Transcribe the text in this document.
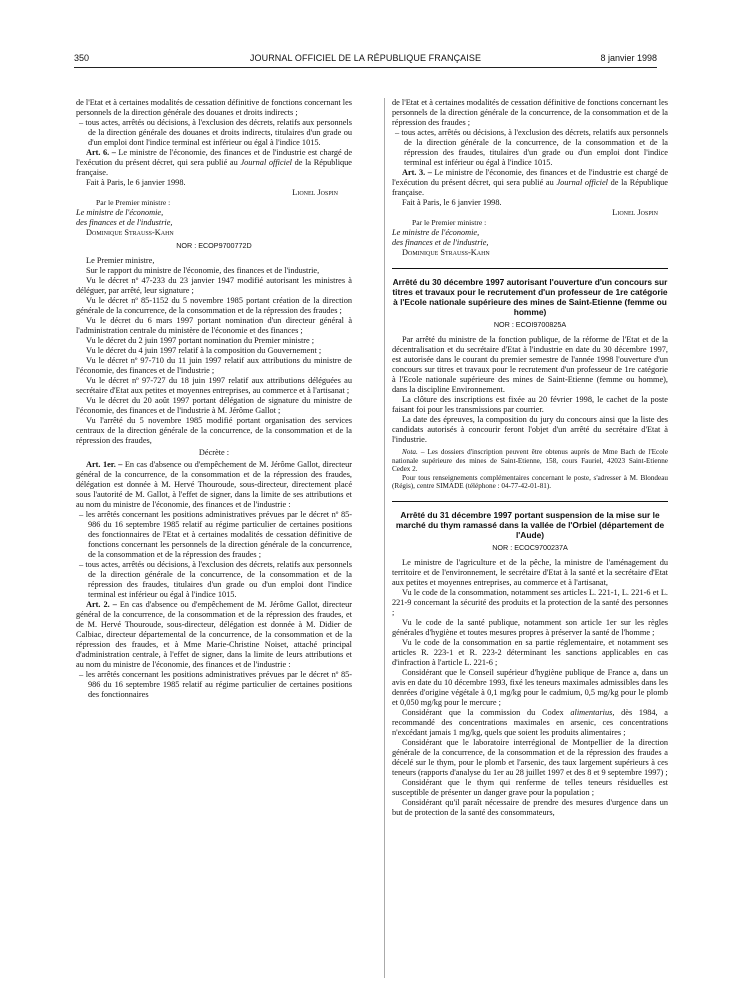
350	JOURNAL OFFICIEL DE LA RÉPUBLIQUE FRANÇAISE	8 janvier 1998

de l'Etat et à certaines modalités de cessation définitive de fonctions concernant les personnels de la direction générale des douanes et droits indirects ;

– tous actes, arrêtés ou décisions, à l'exclusion des décrets, relatifs aux personnels de la direction générale des douanes et droits indirects, titulaires d'un grade ou d'un emploi dont l'indice terminal est inférieur ou égal à l'indice 1015.

Art. 6. – Le ministre de l'économie, des finances et de l'industrie est chargé de l'exécution du présent décret, qui sera publié au Journal officiel de la République française.

Fait à Paris, le 6 janvier 1998.

Lionel Jospin

Par le Premier ministre :

Le ministre de l'économie,

des finances et de l'industrie,

Dominique Strauss-Kahn

NOR : ECOP9700772D

Le Premier ministre,

Sur le rapport du ministre de l'économie, des finances et de l'industrie,

Vu le décret nº 47-233 du 23 janvier 1947 modifié autorisant les ministres à déléguer, par arrêté, leur signature ;

Vu le décret nº 85-1152 du 5 novembre 1985 portant création de la direction générale de la concurrence, de la consommation et de la répression des fraudes ;

Vu le décret du 6 mars 1997 portant nomination d'un directeur général à l'administration centrale du ministère de l'économie et des finances ;

Vu le décret du 2 juin 1997 portant nomination du Premier ministre ;

Vu le décret du 4 juin 1997 relatif à la composition du Gouvernement ;

Vu le décret nº 97-710 du 11 juin 1997 relatif aux attributions du ministre de l'économie, des finances et de l'industrie ;

Vu le décret nº 97-727 du 18 juin 1997 relatif aux attributions déléguées au secrétaire d'Etat aux petites et moyennes entreprises, au commerce et à l'artisanat ;

Vu le décret du 20 août 1997 portant délégation de signature du ministre de l'économie, des finances et de l'industrie à M. Jérôme Gallot ;

Vu l'arrêté du 5 novembre 1985 modifié portant organisation des services centraux de la direction générale de la concurrence, de la consommation et de la répression des fraudes,

Décrète :

Art. 1er. – En cas d'absence ou d'empêchement de M. Jérôme Gallot, directeur général de la concurrence, de la consommation et de la répression des fraudes, délégation est donnée à M. Hervé Thouroude, sous-directeur, directement placé sous l'autorité de M. Gallot, à l'effet de signer, dans la limite de ses attributions et au nom du ministre de l'économie, des finances et de l'industrie :

– les arrêtés concernant les positions administratives prévues par le décret nº 85-986 du 16 septembre 1985 relatif au régime particulier de certaines positions des fonctionnaires de l'Etat et à certaines modalités de cessation définitive de fonctions concernant les personnels de la direction générale de la concurrence, de la consommation et de la répression des fraudes ;

– tous actes, arrêtés ou décisions, à l'exclusion des décrets, relatifs aux personnels de la direction générale de la concurrence, de la consommation et de la répression des fraudes, titulaires d'un grade ou d'un emploi dont l'indice terminal est inférieur ou égal à l'indice 1015.

Art. 2. – En cas d'absence ou d'empêchement de M. Jérôme Gallot, directeur général de la concurrence, de la consommation et de la répression des fraudes, et de M. Hervé Thouroude, sous-directeur, délégation est donnée à M. Didier de Calbiac, directeur départemental de la concurrence, de la consommation et de la répression des fraudes, et à Mme Marie-Christine Noiset, attaché principal d'administration centrale, à l'effet de signer, dans la limite de leurs attributions et au nom du ministre de l'économie, des finances et de l'industrie :

– les arrêtés concernant les positions administratives prévues par le décret nº 85-986 du 16 septembre 1985 relatif au régime particulier de certaines positions des fonctionnaires

de l'Etat et à certaines modalités de cessation définitive de fonctions concernant les personnels de la direction générale de la concurrence, de la consommation et de la répression des fraudes ;

– tous actes, arrêtés ou décisions, à l'exclusion des décrets, relatifs aux personnels de la direction générale de la concurrence, de la consommation et de la répression des fraudes, titulaires d'un grade ou d'un emploi dont l'indice terminal est inférieur ou égal à l'indice 1015.

Art. 3. – Le ministre de l'économie, des finances et de l'industrie est chargé de l'exécution du présent décret, qui sera publié au Journal officiel de la République française.

Fait à Paris, le 6 janvier 1998.

Lionel Jospin

Par le Premier ministre :

Le ministre de l'économie,

des finances et de l'industrie,

Dominique Strauss-Kahn

Arrêté du 30 décembre 1997 autorisant l'ouverture d'un concours sur titres et travaux pour le recrutement d'un professeur de 1re catégorie à l'Ecole nationale supérieure des mines de Saint-Etienne (femme ou homme)
NOR : ECOI9700825A

Par arrêté du ministre de la fonction publique, de la réforme de l'Etat et de la décentralisation et du secrétaire d'Etat à l'industrie en date du 30 décembre 1997, est autorisée dans le courant du premier semestre de l'année 1998 l'ouverture d'un concours sur titres et travaux pour le recrutement d'un professeur de 1re catégorie à l'Ecole nationale supérieure des mines de Saint-Etienne (femme ou homme), dans la discipline Environnement.

La clôture des inscriptions est fixée au 20 février 1998, le cachet de la poste faisant foi pour les transmissions par courrier.

La date des épreuves, la composition du jury du concours ainsi que la liste des candidats autorisés à concourir feront l'objet d'un arrêté du secrétaire d'Etat à l'industrie.

Nota. – Les dossiers d'inscription peuvent être obtenus auprès de Mme Bach de l'Ecole nationale supérieure des mines de Saint-Etienne, 158, cours Fauriel, 42023 Saint-Etienne Cedex 2.

Pour tous renseignements complémentaires concernant le poste, s'adresser à M. Blondeau (Régis), centre SIMADE (téléphone : 04-77-42-01-81).

Arrêté du 31 décembre 1997 portant suspension de la mise sur le marché du thym ramassé dans la vallée de l'Orbiel (département de l'Aude)
NOR : ECOC9700237A

Le ministre de l'agriculture et de la pêche, la ministre de l'aménagement du territoire et de l'environnement, le secrétaire d'Etat à la santé et la secrétaire d'Etat aux petites et moyennes entreprises, au commerce et à l'artisanat,

Vu le code de la consommation, notamment ses articles L. 221-1, L. 221-6 et L. 221-9 concernant la sécurité des produits et la protection de la santé des personnes ;

Vu le code de la santé publique, notamment son article 1er sur les règles générales d'hygiène et toutes mesures propres à préserver la santé de l'homme ;

Vu le code de la consommation en sa partie réglementaire, et notamment ses articles R. 223-1 et R. 223-2 déterminant les sanctions applicables en cas d'infraction à l'article L. 221-6 ;

Considérant que le Conseil supérieur d'hygiène publique de France a, dans un avis en date du 10 décembre 1993, fixé les teneurs maximales admissibles dans les denrées d'origine végétale à 0,1 mg/kg pour le cadmium, 0,5 mg/kg pour le plomb et 0,050 mg/kg pour le mercure ;

Considérant que la commission du Codex alimentarius, dès 1984, a recommandé des concentrations maximales en arsenic, ces concentrations n'excédant jamais 1 mg/kg, quels que soient les produits alimentaires ;

Considérant que le laboratoire interrégional de Montpellier de la direction générale de la concurrence, de la consommation et de la répression des fraudes a décelé sur le thym, pour le plomb et l'arsenic, des taux largement supérieurs à ces teneurs (rapports d'analyse du 1er au 28 juillet 1997 et des 8 et 9 septembre 1997) ;

Considérant que le thym qui renferme de telles teneurs résiduelles est susceptible de présenter un danger grave pour la population ;

Considérant qu'il paraît nécessaire de prendre des mesures d'urgence dans un but de protection de la santé des consommateurs,
